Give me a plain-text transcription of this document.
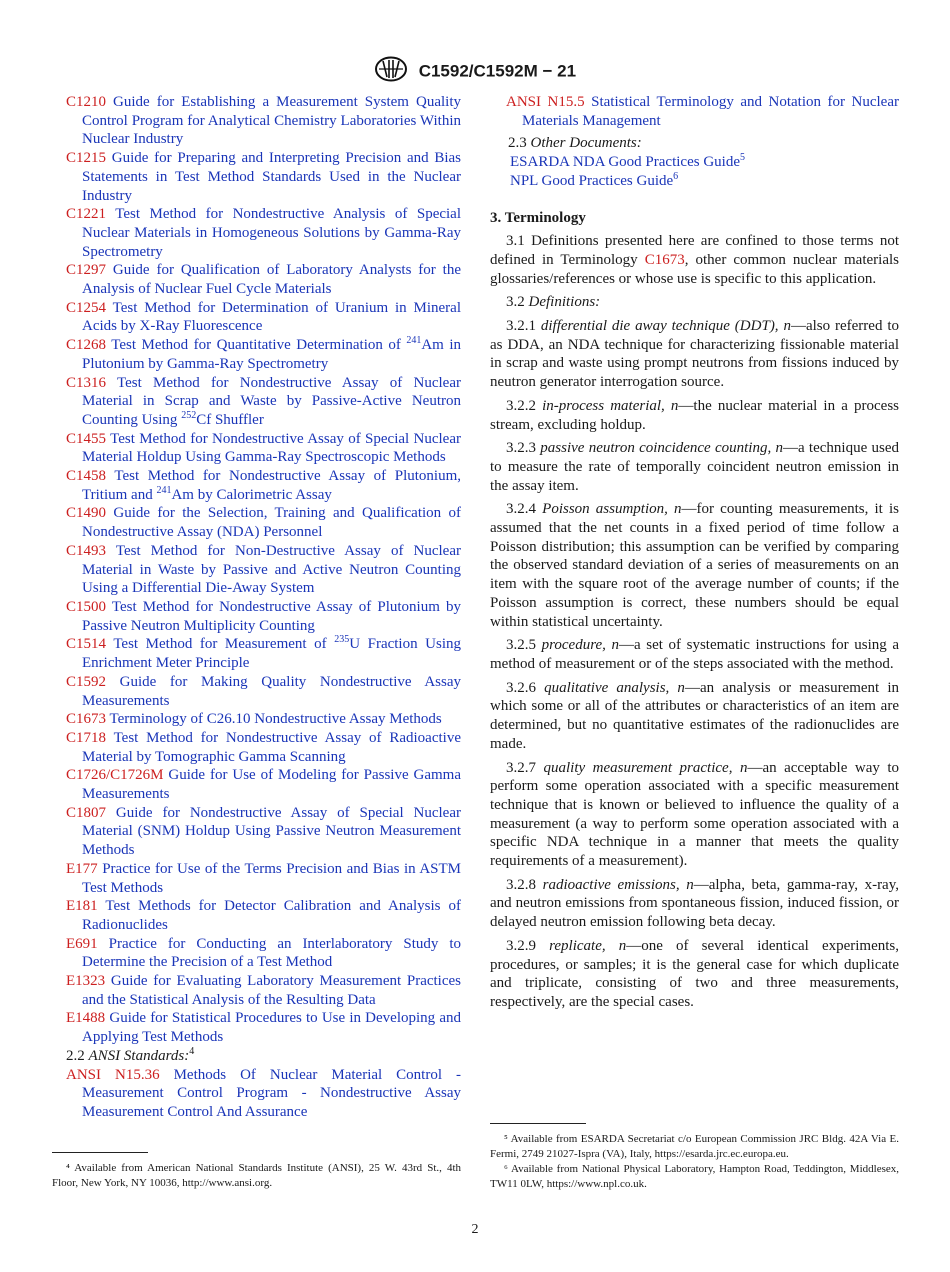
C1592/C1592M − 21
C1210 Guide for Establishing a Measurement System Quality Control Program for Analytical Chemistry Laboratories Within Nuclear Industry
C1215 Guide for Preparing and Interpreting Precision and Bias Statements in Test Method Standards Used in the Nuclear Industry
C1221 Test Method for Nondestructive Analysis of Special Nuclear Materials in Homogeneous Solutions by Gamma-Ray Spectrometry
C1297 Guide for Qualification of Laboratory Analysts for the Analysis of Nuclear Fuel Cycle Materials
C1254 Test Method for Determination of Uranium in Mineral Acids by X-Ray Fluorescence
C1268 Test Method for Quantitative Determination of $^{241}$Am in Plutonium by Gamma-Ray Spectrometry
C1316 Test Method for Nondestructive Assay of Nuclear Material in Scrap and Waste by Passive-Active Neutron Counting Using $^{252}$Cf Shuffler
C1455 Test Method for Nondestructive Assay of Special Nuclear Material Holdup Using Gamma-Ray Spectroscopic Methods
C1458 Test Method for Nondestructive Assay of Plutonium, Tritium and $^{241}$Am by Calorimetric Assay
C1490 Guide for the Selection, Training and Qualification of Nondestructive Assay (NDA) Personnel
C1493 Test Method for Non-Destructive Assay of Nuclear Material in Waste by Passive and Active Neutron Counting Using a Differential Die-Away System
C1500 Test Method for Nondestructive Assay of Plutonium by Passive Neutron Multiplicity Counting
C1514 Test Method for Measurement of $^{235}$U Fraction Using Enrichment Meter Principle
C1592 Guide for Making Quality Nondestructive Assay Measurements
C1673 Terminology of C26.10 Nondestructive Assay Methods
C1718 Test Method for Nondestructive Assay of Radioactive Material by Tomographic Gamma Scanning
C1726/C1726M Guide for Use of Modeling for Passive Gamma Measurements
C1807 Guide for Nondestructive Assay of Special Nuclear Material (SNM) Holdup Using Passive Neutron Measurement Methods
E177 Practice for Use of the Terms Precision and Bias in ASTM Test Methods
E181 Test Methods for Detector Calibration and Analysis of Radionuclides
E691 Practice for Conducting an Interlaboratory Study to Determine the Precision of a Test Method
E1323 Guide for Evaluating Laboratory Measurement Practices and the Statistical Analysis of the Resulting Data
E1488 Guide for Statistical Procedures to Use in Developing and Applying Test Methods
2.2 ANSI Standards:$^4$
ANSI N15.36 Methods Of Nuclear Material Control - Measurement Control Program - Nondestructive Assay Measurement Control And Assurance
ANSI N15.5 Statistical Terminology and Notation for Nuclear Materials Management
2.3 Other Documents:
ESARDA NDA Good Practices Guide$^5$
NPL Good Practices Guide$^6$
3. Terminology
3.1 Definitions presented here are confined to those terms not defined in Terminology C1673, other common nuclear materials glossaries/references or whose use is specific to this application.
3.2 Definitions:
3.2.1 differential die away technique (DDT), n—also referred to as DDA, an NDA technique for characterizing fissionable material in scrap and waste using prompt neutrons from fissions induced by neutron generator interrogation source.
3.2.2 in-process material, n—the nuclear material in a process stream, excluding holdup.
3.2.3 passive neutron coincidence counting, n—a technique used to measure the rate of temporally coincident neutron emission in the assay item.
3.2.4 Poisson assumption, n—for counting measurements, it is assumed that the net counts in a fixed period of time follow a Poisson distribution; this assumption can be verified by comparing the observed standard deviation of a series of measurements on an item with the square root of the average number of counts; if the Poisson assumption is correct, these numbers should be equal within statistical uncertainty.
3.2.5 procedure, n—a set of systematic instructions for using a method of measurement or of the steps associated with the method.
3.2.6 qualitative analysis, n—an analysis or measurement in which some or all of the attributes or characteristics of an item are determined, but no quantitative estimates of the radionuclides are made.
3.2.7 quality measurement practice, n—an acceptable way to perform some operation associated with a specific measurement technique that is known or believed to influence the quality of a measurement (a way to perform some operation associated with a specific NDA technique in a manner that meets the quality requirements of a measurement).
3.2.8 radioactive emissions, n—alpha, beta, gamma-ray, x-ray, and neutron emissions from spontaneous fission, induced fission, or delayed neutron emission following beta decay.
3.2.9 replicate, n—one of several identical experiments, procedures, or samples; it is the general case for which duplicate and triplicate, consisting of two and three measurements, respectively, are the special cases.
⁵ Available from ESARDA Secretariat c/o European Commission JRC Bldg. 42A Via E. Fermi, 2749 21027-Ispra (VA), Italy, https://esarda.jrc.ec.europa.eu.
⁶ Available from National Physical Laboratory, Hampton Road, Teddington, Middlesex, TW11 0LW, https://www.npl.co.uk.
⁴ Available from American National Standards Institute (ANSI), 25 W. 43rd St., 4th Floor, New York, NY 10036, http://www.ansi.org.
2
